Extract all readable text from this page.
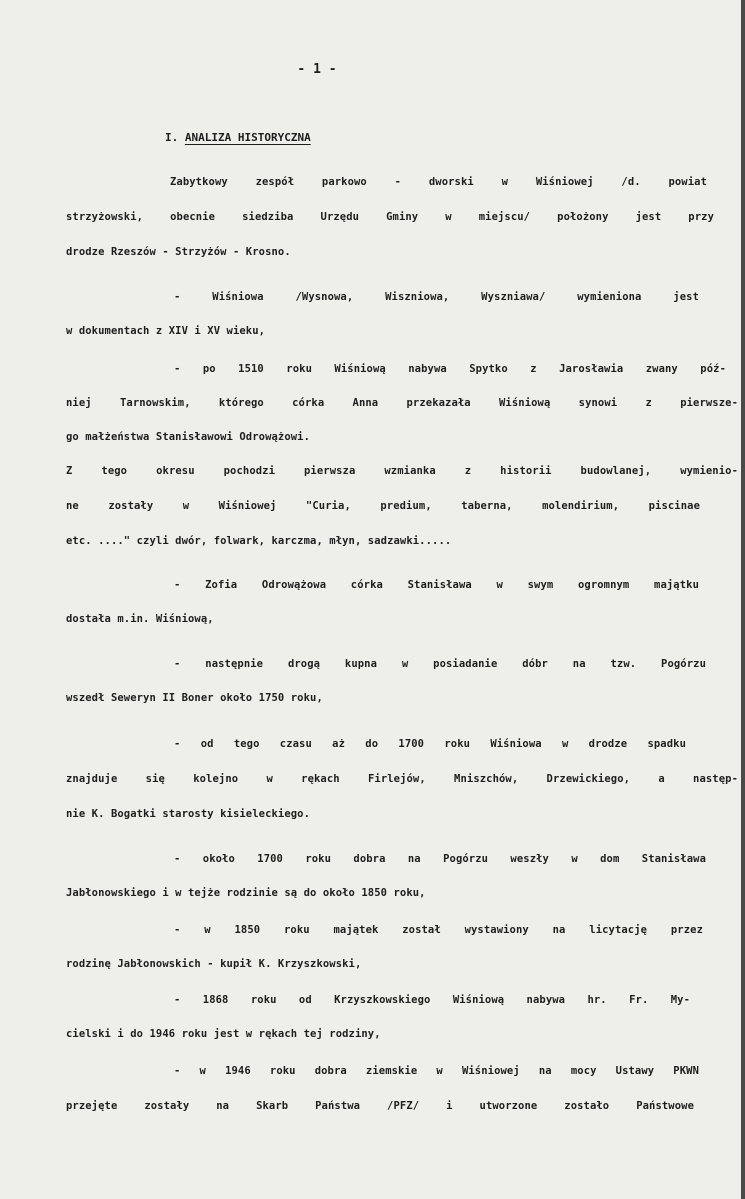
- 1 -
I. ANALIZA HISTORYCZNA
Zabytkowy zespół parkowo - dworski w Wiśniowej /d. powiat
strzyżowski, obecnie siedziba Urzędu Gminy w miejscu/ położony jest przy
drodze Rzeszów - Strzyżów - Krosno.
- Wiśniowa /Wysnowa, Wiszniowa, Wyszniawa/ wymieniona jest
w dokumentach z XIV i XV wieku,
- po 1510 roku Wiśniową nabywa Spytko z Jarosławia zwany póź-
niej Tarnowskim, którego córka Anna przekazała Wiśniową synowi z pierwsze-
go małżeństwa Stanisławowi Odrowążowi.
Z tego okresu pochodzi pierwsza wzmianka z historii budowlanej, wymienio-
ne zostały w Wiśniowej "Curia, predium, taberna, molendirium, piscinae
etc. ...." czyli dwór, folwark, karczma, młyn, sadzawki.....
- Zofia Odrowążowa córka Stanisława w swym ogromnym majątku
dostała m.in. Wiśniową,
- następnie drogą kupna w posiadanie dóbr na tzw. Pogórzu
wszedł Seweryn II Boner około 1750 roku,
- od tego czasu aż do 1700 roku Wiśniowa w drodze spadku
znajduje się kolejno w rękach Firlejów, Mniszchów, Drzewickiego, a następ-
nie K. Bogatki starosty kisieleckiego.
- około 1700 roku dobra na Pogórzu weszły w dom Stanisława
Jabłonowskiego i w tejże rodzinie są do około 1850 roku,
- w 1850 roku majątek został wystawiony na licytację przez
rodzinę Jabłonowskich - kupił K. Krzyszkowski,
- 1868 roku od Krzyszkowskiego Wiśniową nabywa hr. Fr. My-
cielski i do 1946 roku jest w rękach tej rodziny,
- w 1946 roku dobra ziemskie w Wiśniowej na mocy Ustawy PKWN
przejęte zostały na Skarb Państwa /PFZ/ i utworzone zostało Państwowe
